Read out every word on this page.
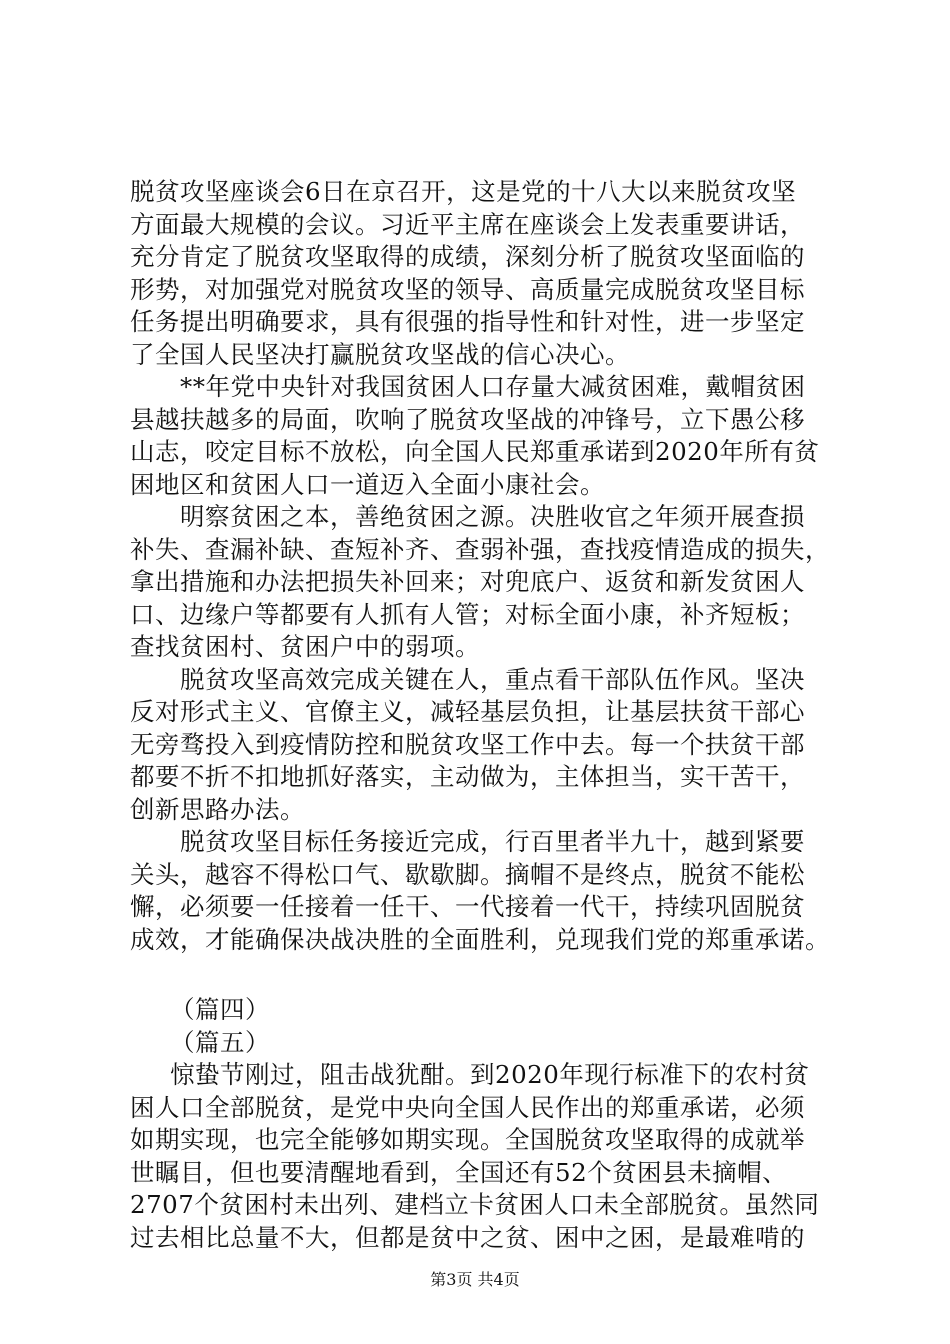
脱贫攻坚座谈会6日在京召开，这是党的十八大以来脱贫攻坚
方面最大规模的会议。习近平主席在座谈会上发表重要讲话，
充分肯定了脱贫攻坚取得的成绩，深刻分析了脱贫攻坚面临的
形势，对加强党对脱贫攻坚的领导、高质量完成脱贫攻坚目标
任务提出明确要求，具有很强的指导性和针对性，进一步坚定
了全国人民坚决打赢脱贫攻坚战的信心决心。
**年党中央针对我国贫困人口存量大减贫困难，戴帽贫困
县越扶越多的局面，吹响了脱贫攻坚战的冲锋号，立下愚公移
山志，咬定目标不放松，向全国人民郑重承诺到2020年所有贫
困地区和贫困人口一道迈入全面小康社会。
明察贫困之本，善绝贫困之源。决胜收官之年须开展查损
补失、查漏补缺、查短补齐、查弱补强，查找疫情造成的损失，
拿出措施和办法把损失补回来；对兜底户、返贫和新发贫困人
口、边缘户等都要有人抓有人管；对标全面小康，补齐短板；
查找贫困村、贫困户中的弱项。
脱贫攻坚高效完成关键在人，重点看干部队伍作风。坚决
反对形式主义、官僚主义，减轻基层负担，让基层扶贫干部心
无旁骛投入到疫情防控和脱贫攻坚工作中去。每一个扶贫干部
都要不折不扣地抓好落实，主动做为，主体担当，实干苦干，
创新思路办法。
脱贫攻坚目标任务接近完成，行百里者半九十，越到紧要
关头，越容不得松口气、歇歇脚。摘帽不是终点，脱贫不能松
懈，必须要一任接着一任干、一代接着一代干，持续巩固脱贫
成效，才能确保决战决胜的全面胜利，兑现我们党的郑重承诺。
（篇四）
（篇五）
惊蛰节刚过，阻击战犹酣。到2020年现行标准下的农村贫
困人口全部脱贫，是党中央向全国人民作出的郑重承诺，必须
如期实现，也完全能够如期实现。全国脱贫攻坚取得的成就举
世瞩目，但也要清醒地看到，全国还有52个贫困县未摘帽、
2707个贫困村未出列、建档立卡贫困人口未全部脱贫。虽然同
过去相比总量不大，但都是贫中之贫、困中之困，是最难啃的
第3页 共4页
